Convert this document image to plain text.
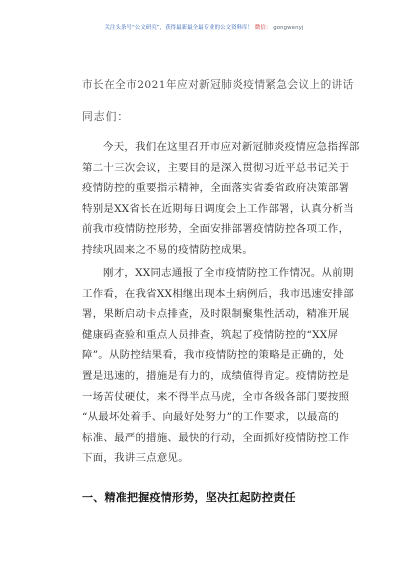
关注头条号“公文研究”，获得最新最全最专业的公文资料库！ 微信： gongwenyj
市长在全市2021年应对新冠肺炎疫情紧急会议上的讲话
同志们：
今天，我们在这里召开市应对新冠肺炎疫情应急指挥部
第二十三次会议，主要目的是深入贯彻习近平总书记关于
疫情防控的重要指示精神，全面落实省委省政府决策部署
特别是XX省长在近期每日调度会上工作部署，认真分析当
前我市疫情防控形势，全面安排部署疫情防控各项工作，
持续巩固来之不易的疫情防控成果。
刚才，XX同志通报了全市疫情防控工作情况。从前期
工作看，在我省XX相继出现本土病例后，我市迅速安排部
署，果断启动卡点排查，及时限制聚集性活动，精准开展
健康码查验和重点人员排查，筑起了疫情防控的“XX屏
障”。从防控结果看，我市疫情防控的策略是正确的，处
置是迅速的，措施是有力的，成绩值得肯定。疫情防控是
一场苦仗硬仗，来不得半点马虎，全市各级各部门要按照
“从最坏处着手、向最好处努力”的工作要求，以最高的
标准、最严的措施、最快的行动，全面抓好疫情防控工作
下面，我讲三点意见。
一、精准把握疫情形势，坚决扛起防控责任
